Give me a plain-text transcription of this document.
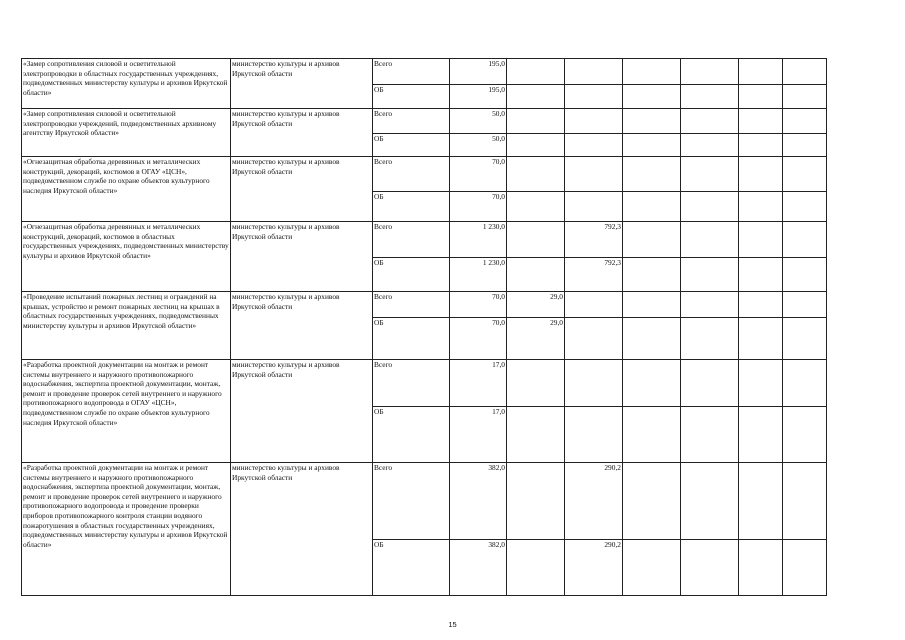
«Замер сопротивления силовой и осветительной электропроводки в областных государственных учреждениях, подведомственных министерству культуры и архивов Иркутской области»	министерство культуры и архивов Иркутской области	Всего	195,0						
		ОБ	195,0						
«Замер сопротивления силовой и осветительной электропроводки учреждений, подведомственных архивному агентству Иркутской области»	министерство культуры и архивов Иркутской области	Всего	50,0						
		ОБ	50,0						
«Огнезащитная обработка деревянных и металлических конструкций, декораций, костюмов в ОГАУ «ЦСН», подведомственном службе по охране объектов культурного наследия Иркутской области»	министерство культуры и архивов Иркутской области	Всего	70,0						
		ОБ	70,0						
«Огнезащитная обработка деревянных и металлических конструкций, декораций, костюмов в областных государственных учреждениях, подведомственных министерству культуры и архивов Иркутской области»	министерство культуры и архивов Иркутской области	Всего	1 230,0		792,3				
		ОБ	1 230,0		792,3				
«Проведение испытаний пожарных лестниц и ограждений на крышах, устройство и ремонт пожарных лестниц на крышах в областных государственных учреждениях, подведомственных министерству культуры и архивов Иркутской области»	министерство культуры и архивов Иркутской области	Всего	70,0	29,0					
		ОБ	70,0	29,0					
«Разработка проектной документации на монтаж и ремонт системы внутреннего и наружного противопожарного водоснабжения, экспертиза проектной документации, монтаж, ремонт и проведение проверок сетей внутреннего и наружного противопожарного водопровода в ОГАУ «ЦСН», подведомственном службе по охране объектов культурного наследия Иркутской области»	министерство культуры и архивов Иркутской области	Всего	17,0						
		ОБ	17,0						
«Разработка проектной документации на монтаж и ремонт системы внутреннего и наружного противопожарного водоснабжения, экспертиза проектной документации, монтаж, ремонт и проведение проверок сетей внутреннего и наружного противопожарного водопровода и проведение проверки приборов противопожарного контроля станции водяного пожаротушения в областных государственных учреждениях, подведомственных министерству культуры и архивов Иркутской области»	министерство культуры и архивов Иркутской области	Всего	382,0		290,2				
		ОБ	382,0		290,2				
15
